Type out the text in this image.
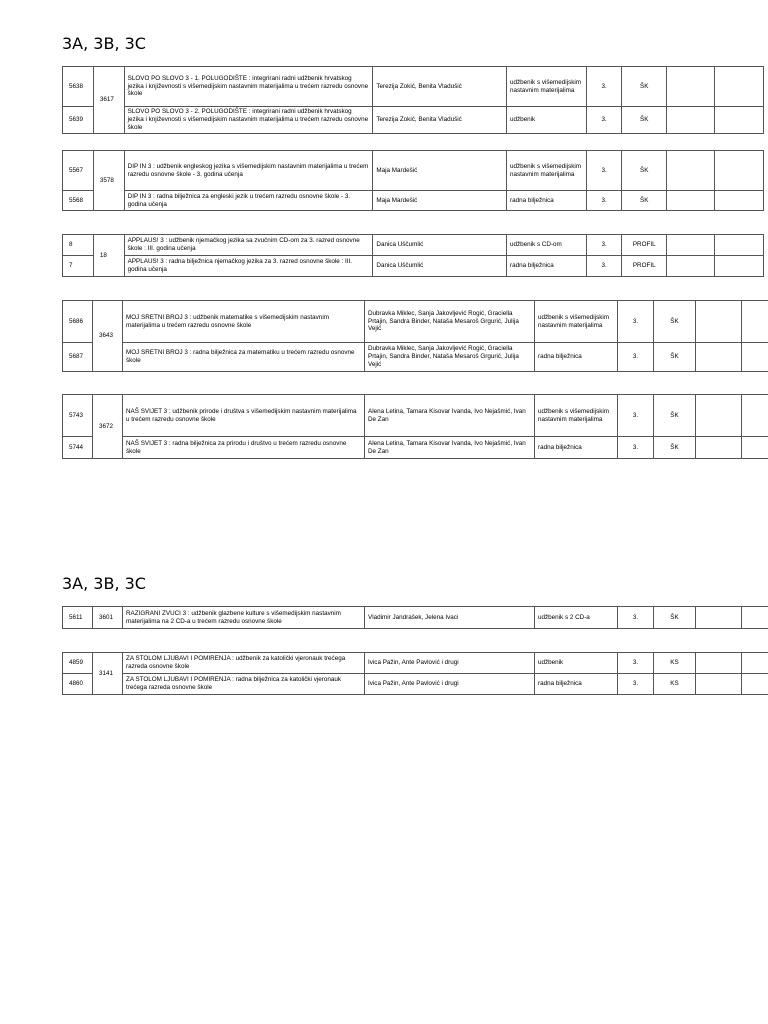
3A, 3B, 3C
5638	3617	SLOVO PO SLOVO 3 - 1. POLUGODIŠTE : integrirani radni udžbenik hrvatskog jezika i književnosti s višemedijskim nastavnim materijalima u trećem razredu osnovne škole	Terezija Zokić, Benita Vladušić	udžbenik s višemedijskim nastavnim materijalima	3.	ŠK		
5639		SLOVO PO SLOVO 3 - 2. POLUGODIŠTE : integrirani radni udžbenik hrvatskog jezika i književnosti s višemedijskim nastavnim materijalima u trećem razredu osnovne škole	Terezija Zokić, Benita Vladušić	udžbenik	3.	ŠK		
5567	3578	DIP IN 3 : udžbenik engleskog jezika s višemedijskim nastavnim materijalima u trećem razredu osnovne škole - 3. godina učenja	Maja Mardešić	udžbenik s višemedijskim nastavnim materijalima	3.	ŠK		
5568		DIP IN 3 : radna bilježnica za engleski jezik u trećem razredu osnovne škole - 3. godina učenja	Maja Mardešić	radna bilježnica	3.	ŠK		
8	18	APPLAUS! 3 : udžbenik njemačkog jezika sa zvučnim CD-om za 3. razred osnovne škole : III. godina učenja	Danica Uščumlić	udžbenik s CD-om	3.	PROFIL		
7		APPLAUS! 3 : radna bilježnica njemačkog jezika za 3. razred osnovne škole : III. godina učenja	Danica Uščumlić	radna bilježnica	3.	PROFIL		
5686	3643	MOJ SRETNI BROJ 3 : udžbenik matematike s višemedijskim nastavnim materijalima u trećem razredu osnovne škole	Dubravka Miklec, Sanja Jakovljević Rogić, Graciella Prtajin, Sandra Binder, Nataša Mesaroš Grgurić, Julija Vejić	udžbenik s višemedijskim nastavnim materijalima	3.	ŠK		
5687		MOJ SRETNI BROJ 3 : radna bilježnica za matematiku u trećem razredu osnovne škole	Dubravka Miklec, Sanja Jakovljević Rogić, Graciella Prtajin, Sandra Binder, Nataša Mesaroš Grgurić, Julija Vejić	radna bilježnica	3.	ŠK		
5743	3672	NAŠ SVIJET 3 : udžbenik prirode i društva s višemedijskim nastavnim materijalima u trećem razredu osnovne škole	Alena Letina, Tamara Kisovar Ivanda, Ivo Nejašmić, Ivan De Zan	udžbenik s višemedijskim nastavnim materijalima	3.	ŠK		
5744		NAŠ SVIJET 3 : radna bilježnica za prirodu i društvo u trećem razredu osnovne škole	Alena Letina, Tamara Kisovar Ivanda, Ivo Nejašmić, Ivan De Zan	radna bilježnica	3.	ŠK		
3A, 3B, 3C
5611	3601	RAZIGRANI ZVUCI 3 : udžbenik glazbene kulture s višemedijskim nastavnim materijalima na 2 CD-a u trećem razredu osnovne škole	Vladimir Jandrašek, Jelena Ivaci	udžbenik s 2 CD-a	3.	ŠK		
4859	3141	ZA STOLOM LJUBAVI I POMIRENJA : udžbenik za katolički vjeronauk trećega razreda osnovne škole	Ivica Pažin, Ante Pavlović i drugi	udžbenik	3.	KS		
4860		ZA STOLOM LJUBAVI I POMIRENJA : radna bilježnica za katolički vjeronauk trećega razreda osnovne škole	Ivica Pažin, Ante Pavlović i drugi	radna bilježnica	3.	KS		
